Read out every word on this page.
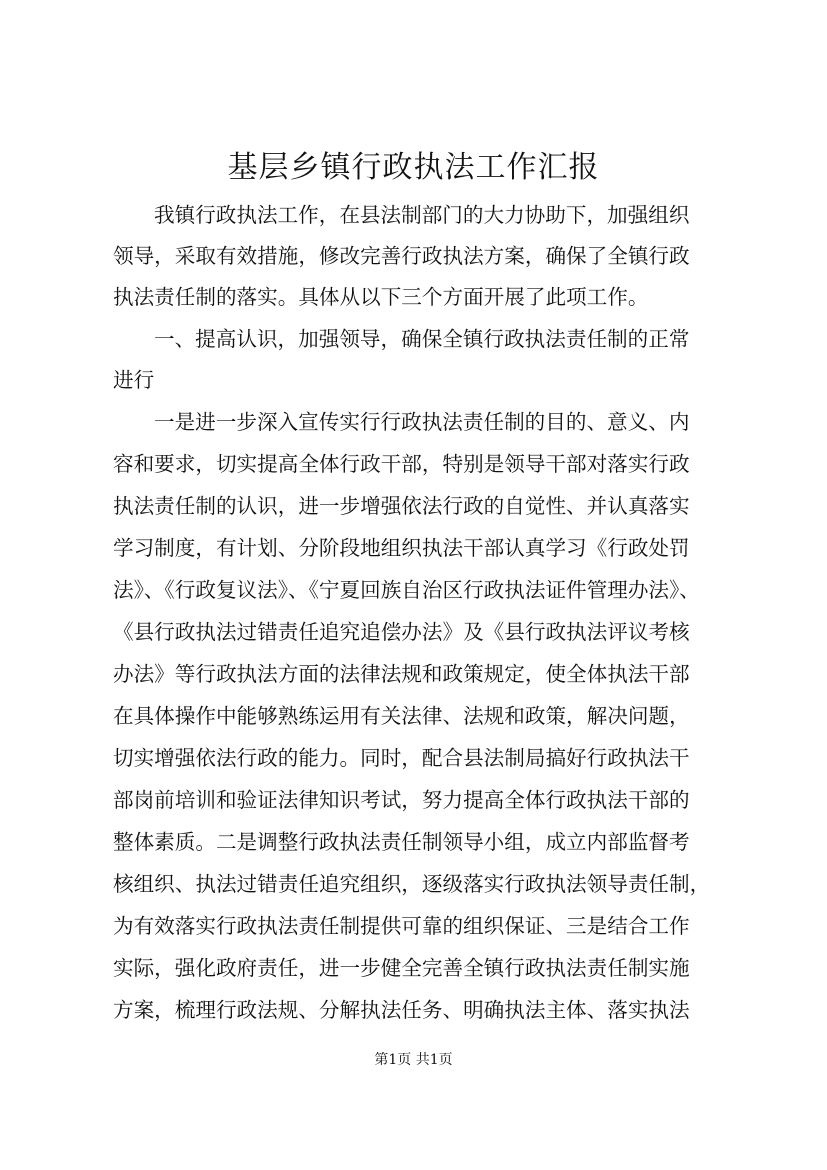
基层乡镇行政执法工作汇报

我镇行政执法工作，在县法制部门的大力协助下，加强组织

领导，采取有效措施，修改完善行政执法方案，确保了全镇行政

执法责任制的落实。具体从以下三个方面开展了此项工作。

一、提高认识，加强领导，确保全镇行政执法责任制的正常

进行

一是进一步深入宣传实行行政执法责任制的目的、意义、内

容和要求，切实提高全体行政干部，特别是领导干部对落实行政

执法责任制的认识，进一步增强依法行政的自觉性、并认真落实

学习制度，有计划、分阶段地组织执法干部认真学习《行政处罚

法》、《行政复议法》、《宁夏回族自治区行政执法证件管理办法》、

《县行政执法过错责任追究追偿办法》及《县行政执法评议考核

办法》等行政执法方面的法律法规和政策规定，使全体执法干部

在具体操作中能够熟练运用有关法律、法规和政策，解决问题，

切实增强依法行政的能力。同时，配合县法制局搞好行政执法干

部岗前培训和验证法律知识考试，努力提高全体行政执法干部的

整体素质。二是调整行政执法责任制领导小组，成立内部监督考

核组织、执法过错责任追究组织，逐级落实行政执法领导责任制，

为有效落实行政执法责任制提供可靠的组织保证、三是结合工作

实际，强化政府责任，进一步健全完善全镇行政执法责任制实施

方案，梳理行政法规、分解执法任务、明确执法主体、落实执法

第1页 共1页
